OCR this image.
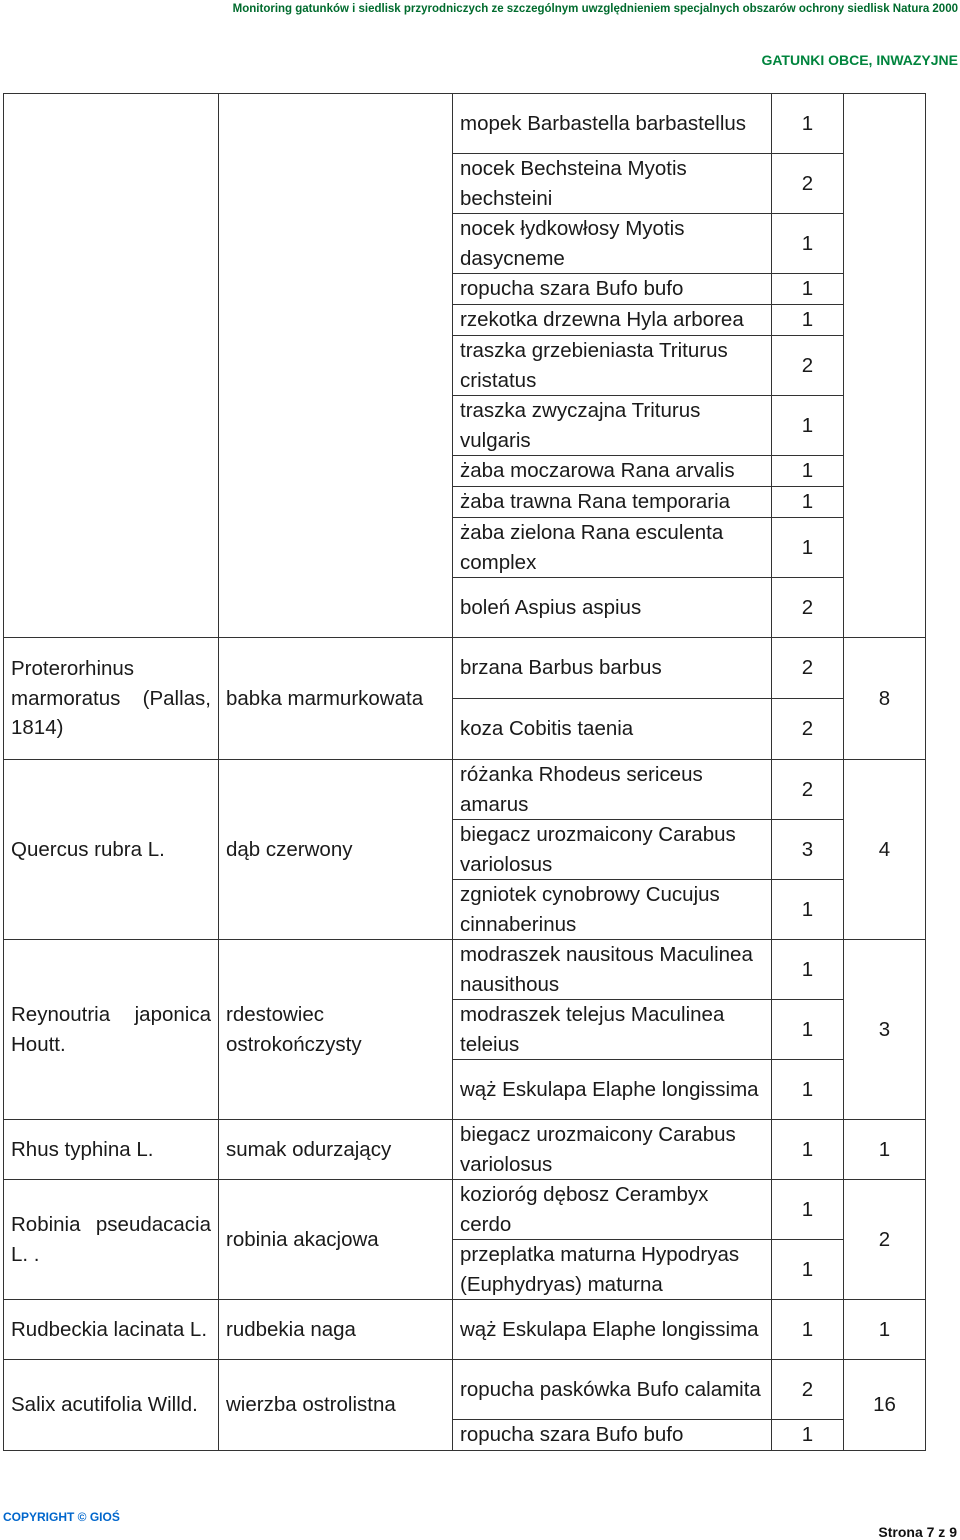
Monitoring gatunków i siedlisk przyrodniczych ze szczególnym uwzględnieniem specjalnych obszarów ochrony siedlisk Natura 2000
GATUNKI OBCE, INWAZYJNE
		mopek Barbastella barbastellus	1	
		nocek Bechsteina Myotis bechsteini	2	
		nocek łydkowłosy Myotis dasycneme	1	
		ropucha szara Bufo bufo	1	
		rzekotka drzewna Hyla arborea	1	
		traszka grzebieniasta Triturus cristatus	2	
		traszka zwyczajna Triturus vulgaris	1	
		żaba moczarowa Rana arvalis	1	
		żaba trawna Rana temporaria	1	
		żaba zielona Rana esculenta complex	1	
		boleń Aspius aspius	2	
Proterorhinus marmoratus (Pallas, 1814)	babka marmurkowata	brzana Barbus barbus	2	8
		koza Cobitis taenia	2	
Quercus rubra L.	dąb czerwony	różanka Rhodeus sericeus amarus	2	4
		biegacz urozmaicony Carabus variolosus	3	
		zgniotek cynobrowy Cucujus cinnaberinus	1	
Reynoutria japonica Houtt.	rdestowiec ostrokończysty	modraszek nausitous Maculinea nausithous	1	3
		modraszek telejus Maculinea teleius	1	
		wąż Eskulapa Elaphe longissima	1	
Rhus typhina L.	sumak odurzający	biegacz urozmaicony Carabus variolosus	1	1
Robinia pseudacacia L. .	robinia akacjowa	kozioróg dębosz Cerambyx cerdo	1	2
		przeplatka maturna Hypodryas (Euphydryas) maturna	1	
Rudbeckia lacinata L.	rudbekia naga	wąż Eskulapa Elaphe longissima	1	1
Salix acutifolia Willd.	wierzba ostrolistna	ropucha paskówka Bufo calamita	2	16
		ropucha szara Bufo bufo	1	
COPYRIGHT © GIOŚ
Strona 7 z 9
